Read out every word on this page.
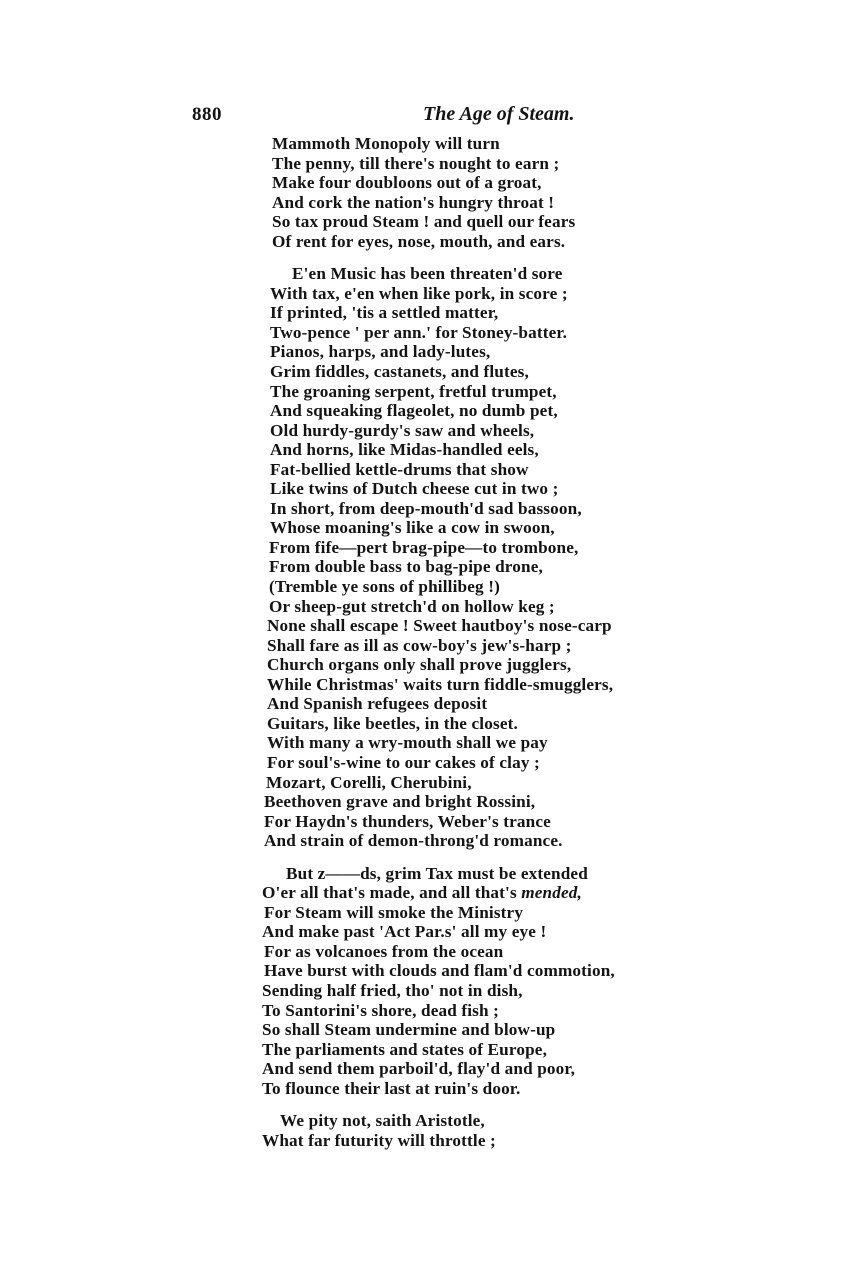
880	The Age of Steam.
Mammoth Monopoly will turn
The penny, till there's nought to earn ;
Make four doubloons out of a groat,
And cork the nation's hungry throat !
So tax proud Steam ! and quell our fears
Of rent for eyes, nose, mouth, and ears.
E'en Music has been threaten'd sore
With tax, e'en when like pork, in score ;
If printed, 'tis a settled matter,
Two-pence ' per ann.' for Stoney-batter.
Pianos, harps, and lady-lutes,
Grim fiddles, castanets, and flutes,
The groaning serpent, fretful trumpet,
And squeaking flageolet, no dumb pet,
Old hurdy-gurdy's saw and wheels,
And horns, like Midas-handled eels,
Fat-bellied kettle-drums that show
Like twins of Dutch cheese cut in two ;
In short, from deep-mouth'd sad bassoon,
Whose moaning's like a cow in swoon,
From fife—pert brag-pipe—to trombone,
From double bass to bag-pipe drone,
(Tremble ye sons of phillibeg !)
Or sheep-gut stretch'd on hollow keg ;
None shall escape ! Sweet hautboy's nose-carp
Shall fare as ill as cow-boy's jew's-harp ;
Church organs only shall prove jugglers,
While Christmas' waits turn fiddle-smugglers,
And Spanish refugees deposit
Guitars, like beetles, in the closet.
With many a wry-mouth shall we pay
For soul's-wine to our cakes of clay ;
Mozart, Corelli, Cherubini,
Beethoven grave and bright Rossini,
For Haydn's thunders, Weber's trance
And strain of demon-throng'd romance.
But z——ds, grim Tax must be extended
O'er all that's made, and all that's mended,
For Steam will smoke the Ministry
And make past 'Act Par.s' all my eye !
For as volcanoes from the ocean
Have burst with clouds and flam'd commotion,
Sending half fried, tho' not in dish,
To Santorini's shore, dead fish ;
So shall Steam undermine and blow-up
The parliaments and states of Europe,
And send them parboil'd, flay'd and poor,
To flounce their last at ruin's door.
We pity not, saith Aristotle,
What far futurity will throttle ;
